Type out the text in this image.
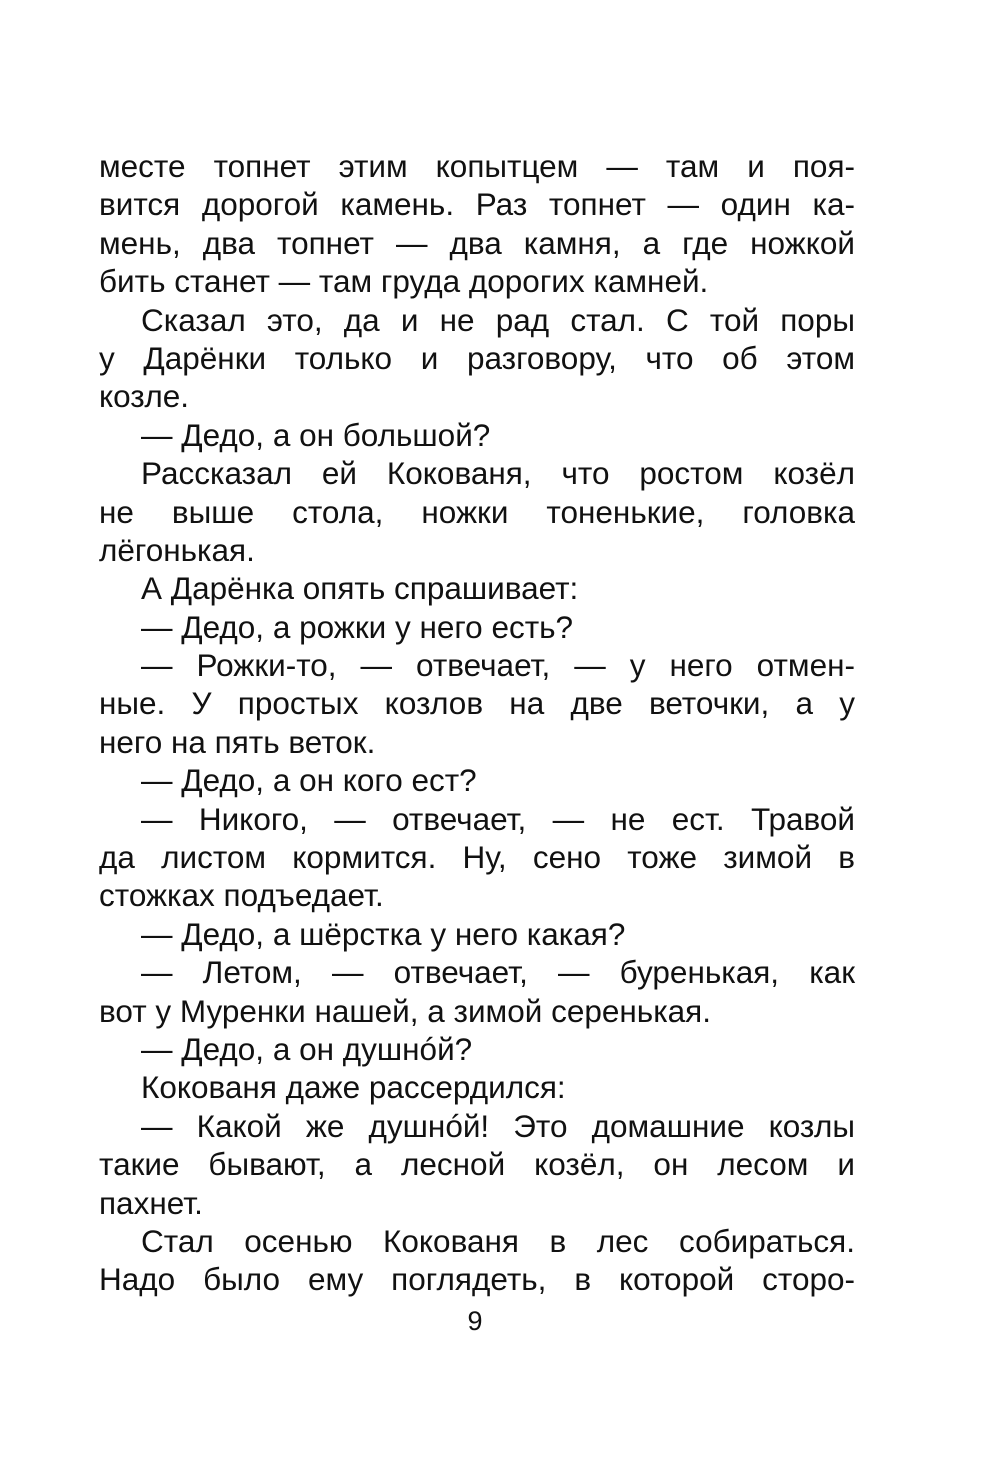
месте топнет этим копытцем — там и поя-
вится дорогой камень. Раз топнет — один ка-
мень, два топнет — два камня, а где ножкой
бить станет — там груда дорогих камней.
Сказал это, да и не рад стал. С той поры
у Дарёнки только и разговору, что об этом
козле.
— Дедо, а он большой?
Рассказал ей Кокованя, что ростом козёл
не выше стола, ножки тоненькие, головка
лёгонькая.
А Дарёнка опять спрашивает:
— Дедо, а рожки у него есть?
— Рожки-то, — отвечает, — у него отмен-
ные. У простых козлов на две веточки, а у
него на пять веток.
— Дедо, а он кого ест?
— Никого, — отвечает, — не ест. Травой
да листом кормится. Ну, сено тоже зимой в
стожках подъедает.
— Дедо, а шёрстка у него какая?
— Летом, — отвечает, — буренькая, как
вот у Муренки нашей, а зимой серенькая.
— Дедо, а он душнóй?
Кокованя даже рассердился:
— Какой же душнóй! Это домашние козлы
такие бывают, а лесной козёл, он лесом и
пахнет.
Стал осенью Кокованя в лес собираться.
Надо было ему поглядеть, в которой сторо-
9
